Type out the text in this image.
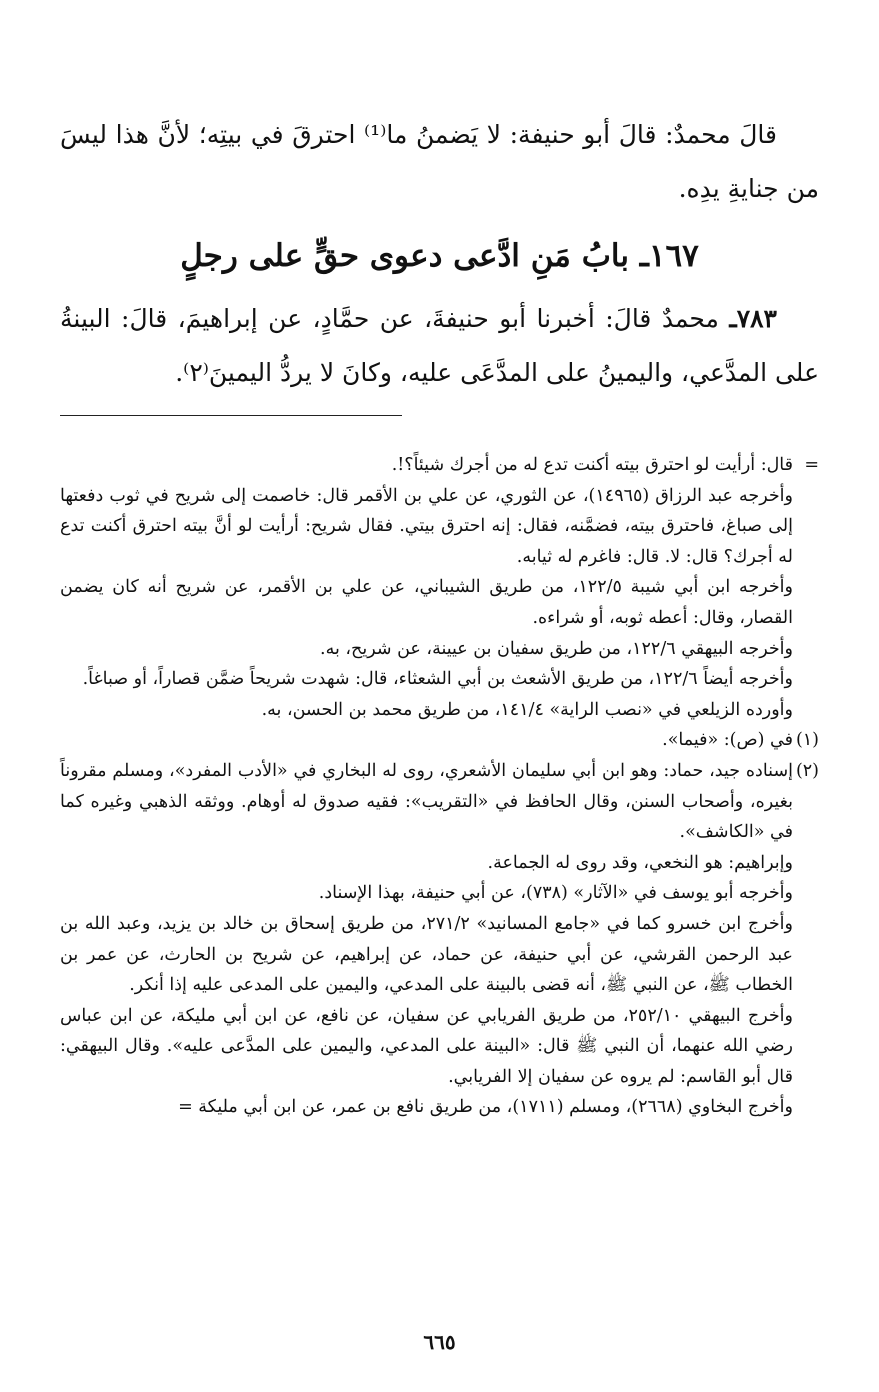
قالَ محمدٌ: قالَ أبو حنيفة: لا يَضمنُ ما⁽¹⁾ احترقَ في بيتِه؛ لأنَّ هذا ليسَ من جنايةِ يدِه.

١٦٧ـ بابُ مَنِ ادَّعى دعوى حقٍّ على رجلٍ

٧٨٣ـ محمدٌ قالَ: أخبرنا أبو حنيفةَ، عن حمَّادٍ، عن إبراهيمَ، قالَ: البينةُ على المدَّعي، واليمينُ على المدَّعَى عليه، وكانَ لا يردُّ اليمينَ⁽٢⁾.

=
قال: أرأيت لو احترق بيته أكنت تدع له من أجرك شيئاً؟!.

وأخرجه عبد الرزاق (١٤٩٦٥)، عن الثوري، عن علي بن الأقمر قال: خاصمت إلى شريح في ثوب دفعتها إلى صباغ، فاحترق بيته، فضمَّنه، فقال: إنه احترق بيتي. فقال شريح: أرأيت لو أنَّ بيته احترق أكنت تدع له أجرك؟ قال: لا. قال: فاغرم له ثيابه.

وأخرجه ابن أبي شيبة ١٢٢/٥، من طريق الشيباني، عن علي بن الأقمر، عن شريح أنه كان يضمن القصار، وقال: أعطه ثوبه، أو شراءه.

وأخرجه البيهقي ١٢٢/٦، من طريق سفيان بن عيينة، عن شريح، به.

وأخرجه أيضاً ١٢٢/٦، من طريق الأشعث بن أبي الشعثاء، قال: شهدت شريحاً ضمَّن قصاراً، أو صباغاً.

وأورده الزيلعي في «نصب الراية» ١٤١/٤، من طريق محمد بن الحسن، به.

(١)
في (ص): «فيما».

(٢)
إسناده جيد، حماد: وهو ابن أبي سليمان الأشعري، روى له البخاري في «الأدب المفرد»، ومسلم مقروناً بغيره، وأصحاب السنن، وقال الحافظ في «التقريب»: فقيه صدوق له أوهام. ووثقه الذهبي وغيره كما في «الكاشف».

وإبراهيم: هو النخعي، وقد روى له الجماعة.

وأخرجه أبو يوسف في «الآثار» (٧٣٨)، عن أبي حنيفة، بهذا الإسناد.

وأخرج ابن خسرو كما في «جامع المسانيد» ٢٧١/٢، من طريق إسحاق بن خالد بن يزيد، وعبد الله بن عبد الرحمن القرشي، عن أبي حنيفة، عن حماد، عن إبراهيم، عن شريح بن الحارث، عن عمر بن الخطاب ﷺ، عن النبي ﷺ، أنه قضى بالبينة على المدعي، واليمين على المدعى عليه إذا أنكر.

وأخرج البيهقي ٢٥٢/١٠، من طريق الفريابي عن سفيان، عن نافع، عن ابن أبي مليكة، عن ابن عباس رضي الله عنهما، أن النبي ﷺ قال: «البينة على المدعي، واليمين على المدَّعى عليه». وقال البيهقي: قال أبو القاسم: لم يروه عن سفيان إلا الفريابي.

وأخرج البخاوي (٢٦٦٨)، ومسلم (١٧١١)، من طريق نافع بن عمر، عن ابن أبي مليكة =

٦٦٥
